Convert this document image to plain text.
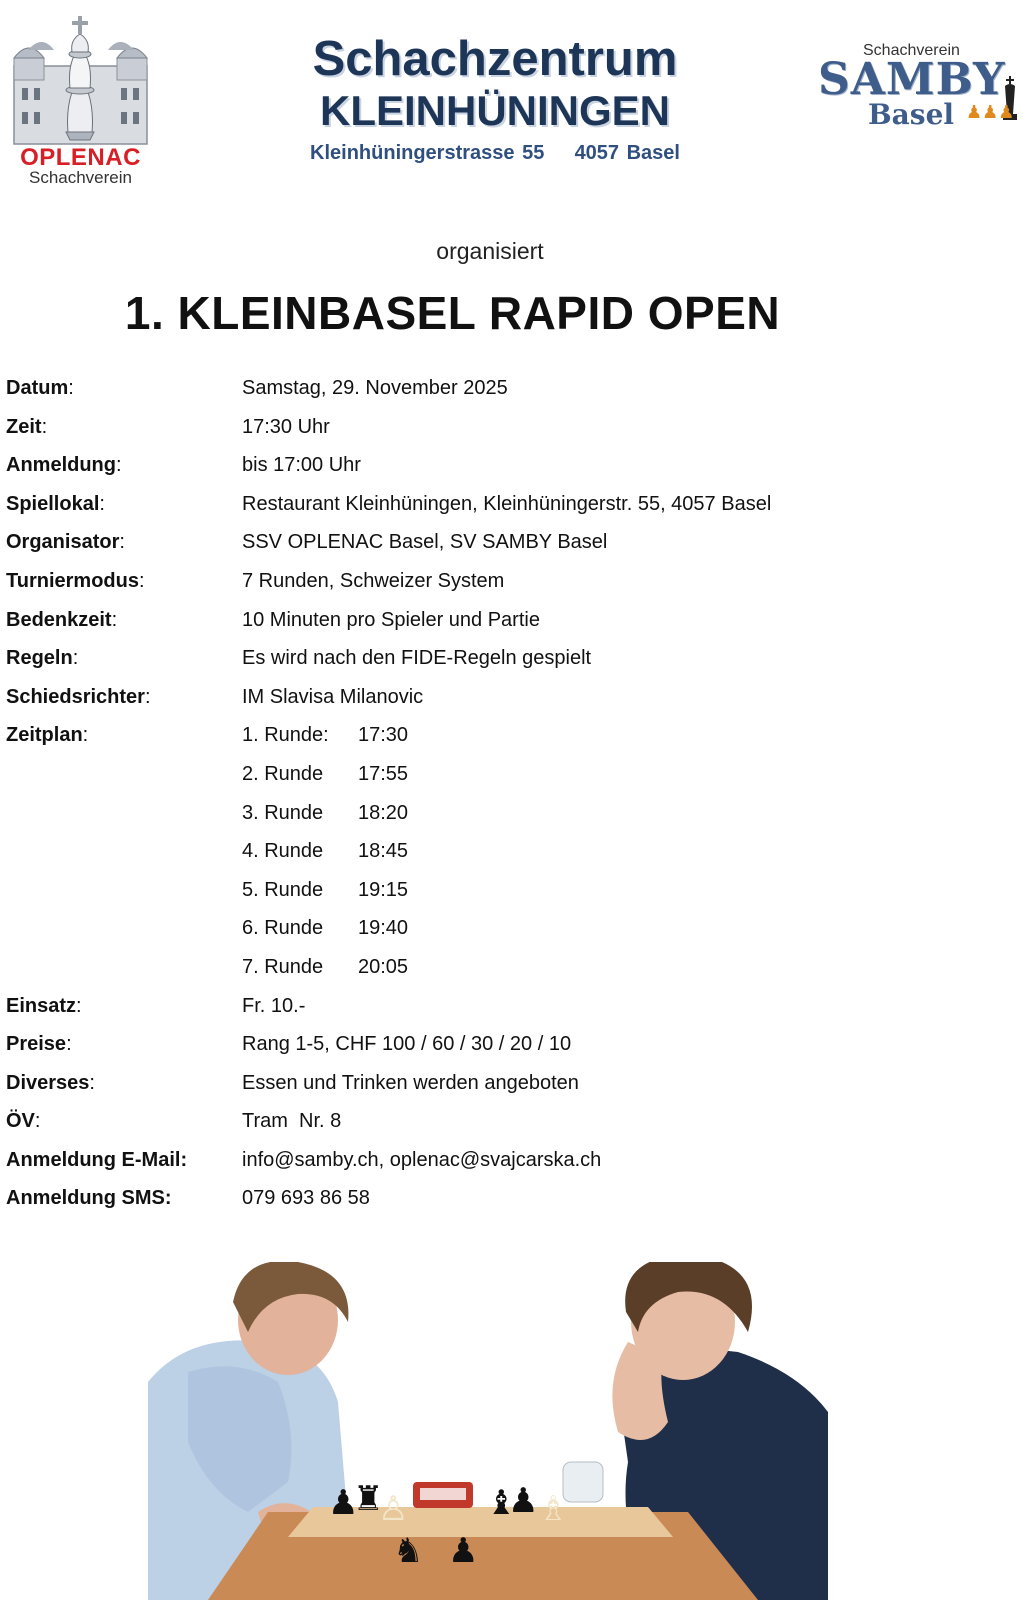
OPLENAC
Schachverein
Schachzentrum
KLEINHÜNINGEN
Kleinhüningerstrasse 55 4057 Basel
Schachverein
SAMBY
Basel ♟♟♟
organisiert
1. KLEINBASEL RAPID OPEN
Datum:	Samstag, 29. November 2025
Zeit:	17:30 Uhr
Anmeldung:	bis 17:00 Uhr
Spiellokal:	Restaurant Kleinhüningen, Kleinhüningerstr. 55, 4057 Basel
Organisator:	SSV OPLENAC Basel, SV SAMBY Basel
Turniermodus:	7 Runden, Schweizer System
Bedenkzeit:	10 Minuten pro Spieler und Partie
Regeln:	Es wird nach den FIDE-Regeln gespielt
Schiedsrichter:	IM Slavisa Milanovic
Zeitplan:	1. Runde: 17:30
2. Runde 17:55
3. Runde 18:20
4. Runde 18:45
5. Runde 19:15
6. Runde 19:40
7. Runde 20:05
Einsatz:	Fr. 10.-
Preise:	Rang 1-5, CHF 100 / 60 / 30 / 20 / 10
Diverses:	Essen und Trinken werden angeboten
ÖV:	Tram  Nr. 8
Anmeldung E-Mail:	info@samby.ch, oplenac@svajcarska.ch
Anmeldung SMS:	079 693 86 58
♟
♜
♙ ♝
♟ ♗
♞ ♟
